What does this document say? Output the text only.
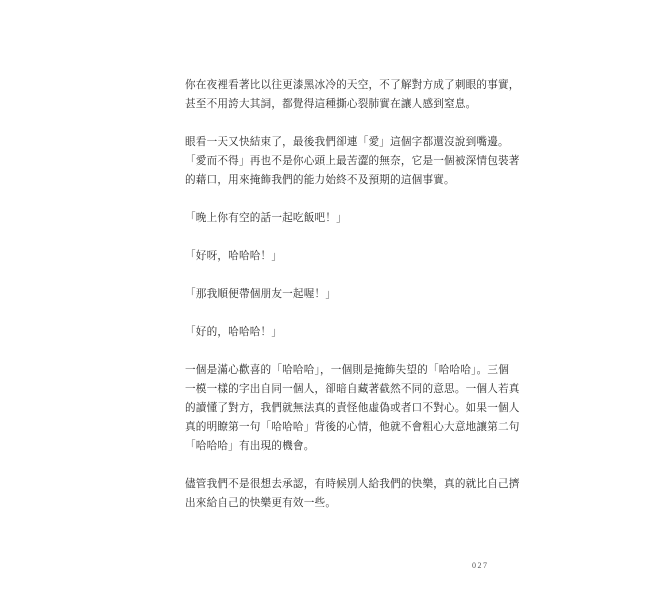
你在夜裡看著比以往更漆黑冰冷的天空，不了解對方成了刺眼的事實，
甚至不用誇大其詞，都覺得這種撕心裂肺實在讓人感到窒息。

眼看一天又快結束了，最後我們卻連「愛」這個字都還沒說到嘴邊。
「愛而不得」再也不是你心頭上最苦澀的無奈，它是一個被深情包裝著
的藉口，用來掩飾我們的能力始終不及預期的這個事實。

「晚上你有空的話一起吃飯吧！」

「好呀，哈哈哈！」

「那我順便帶個朋友一起喔！」

「好的，哈哈哈！」

一個是滿心歡喜的「哈哈哈」，一個則是掩飾失望的「哈哈哈」。三個
一模一樣的字出自同一個人，卻暗自藏著截然不同的意思。一個人若真
的讀懂了對方，我們就無法真的責怪他虛偽或者口不對心。如果一個人
真的明瞭第一句「哈哈哈」背後的心情，他就不會粗心大意地讓第二句
「哈哈哈」有出現的機會。

儘管我們不是很想去承認，有時候別人給我們的快樂，真的就比自己擠
出來給自己的快樂更有效一些。

027
